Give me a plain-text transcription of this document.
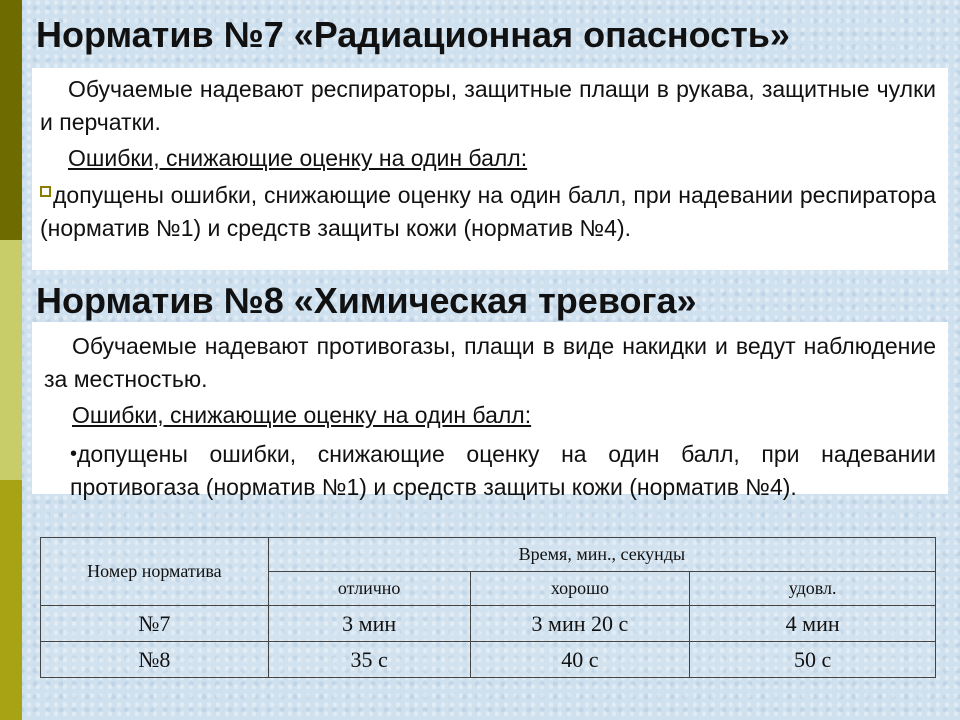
Норматив №7 «Радиационная опасность»

Обучаемые надевают респираторы, защитные плащи в рукава, защитные чулки и перчатки.

Ошибки, снижающие оценку на один балл:

допущены ошибки, снижающие оценку на один балл, при надевании респиратора (норматив №1) и средств защиты кожи (норматив №4).

Норматив №8 «Химическая тревога»

Обучаемые надевают противогазы, плащи в виде накидки и ведут наблюдение за местностью.

Ошибки, снижающие оценку на один балл:

•допущены ошибки, снижающие оценку на один балл, при надевании противогаза (норматив №1) и средств защиты кожи (норматив №4).

Номер норматива	Время, мин., секунды		
	отлично	хорошо	удовл.
№7	3 мин	3 мин 20 с	4 мин
№8	35 с	40 с	50 с
